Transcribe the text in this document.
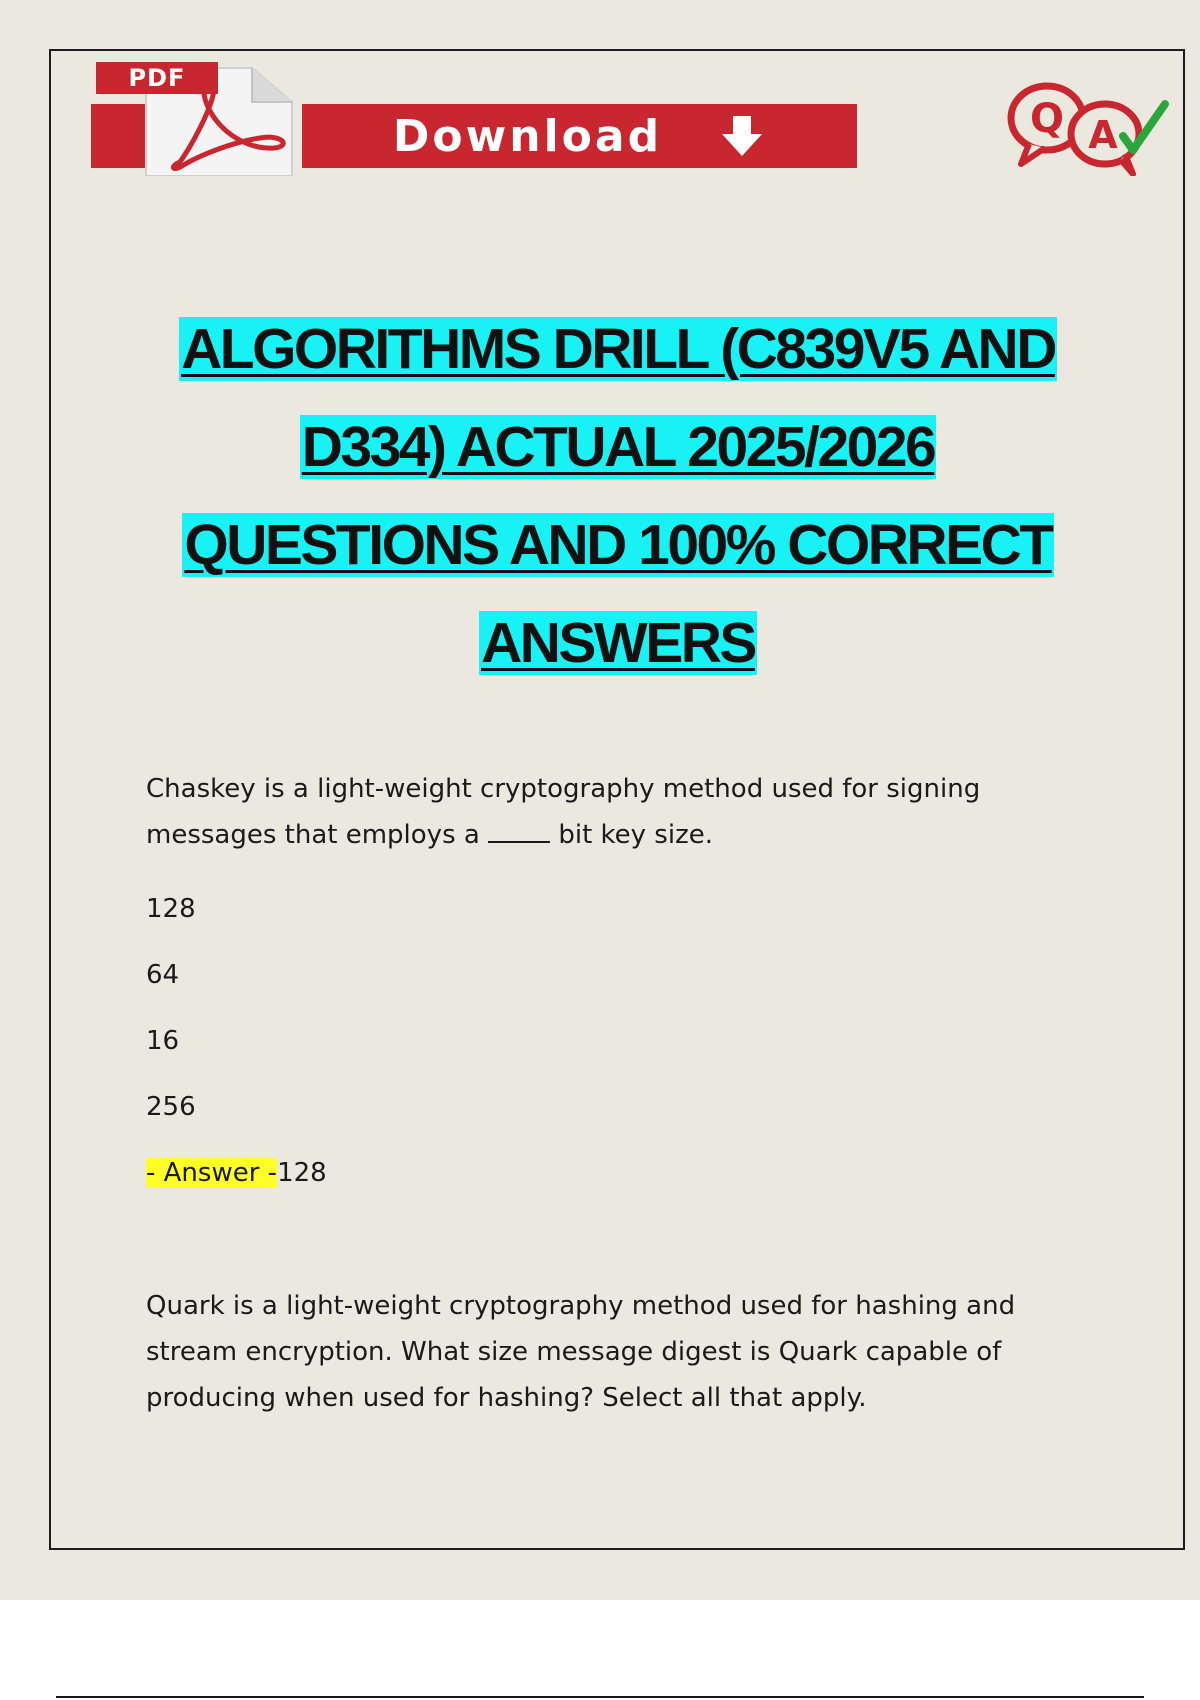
PDF
Download	Q A
ALGORITHMS DRILL (C839V5 AND
D334) ACTUAL 2025/2026
QUESTIONS AND 100% CORRECT
ANSWERS

Chaskey is a light-weight cryptography method used for signing

messages that employs a	bit key size.

128

64

16

256

- Answer -128

Quark is a light-weight cryptography method used for hashing and

stream encryption. What size message digest is Quark capable of

producing when used for hashing? Select all that apply.
